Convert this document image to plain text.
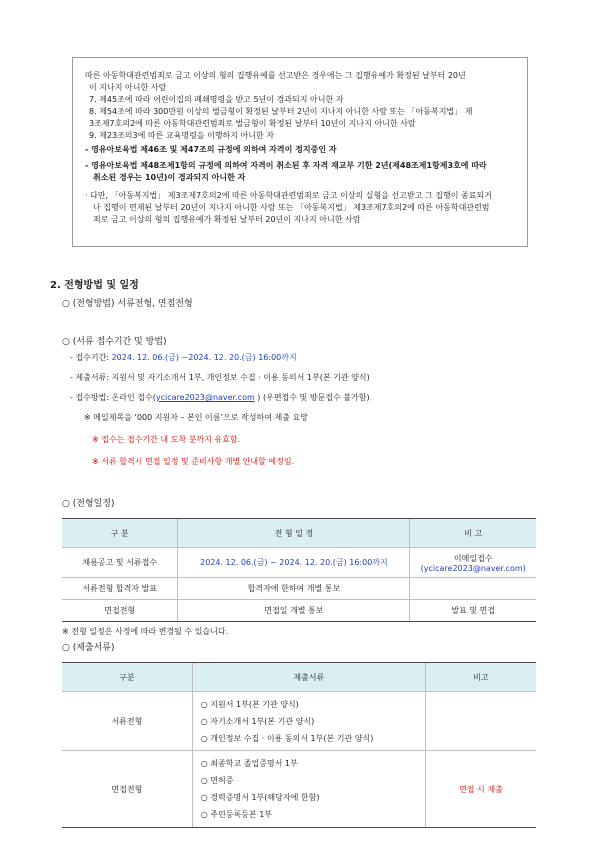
따른 아동학대관련범죄로 금고 이상의 형의 집행유예를 선고받은 경우에는 그 집행유예가 확정된 날부터 20년

이 지나지 아니한 사람

7. 제45조에 따라 어린이집의 폐쇄명령을 받고 5년이 경과되지 아니한 자

8. 제54조에 따라 300만원 이상의 벌금형이 확정된 날부터 2년이 지나지 아니한 사람 또는 「아동복지법」 제

3조제7호의2에 따른 아동학대관련범죄로 벌금형이 확정된 날부터 10년이 지나지 아니한 사람

9. 제23조의3에 따른 교육명령을 이행하지 아니한 자

- 영유아보육법 제46조 및 제47조의 규정에 의하여 자격이 정지중인 자

- 영유아보육법 제48조제1항의 규정에 의하여 자격이 취소된 후 자격 재교부 기한 2년(제48조제1항제3호에 따라

취소된 경우는 10년)이 경과되지 아니한 자

· 다만, 「아동복지법」 제3조제7호의2에 따른 아동학대관련범죄로 금고 이상의 실형을 선고받고 그 집행이 종료되거

나 집행이 면제된 날부터 20년이 지나지 아니한 사람 또는 「아동복지법」 제3조제7호의2에 따른 아동학대관련범

죄로 금고 이상의 형의 집행유예가 확정된 날부터 20년이 지나지 아니한 사람

2. 전형방법 및 일정
○ (전형방법) 서류전형, 면접전형
○ (서류 접수기간 및 방법)
- 접수기간: 2024. 12. 06.(금) ~2024. 12. 20.(금) 16:00까지
- 제출서류: 지원서 및 자기소개서 1부, 개인정보 수집 · 이용 동의서 1부(본 기관 양식)
- 접수방법: 온라인 접수(ycicare2023@naver.com ) (우편접수 및 방문접수 불가함)
※ 메일제목을 ‘000 지원자 – 본인 이름’으로 작성하여 제출 요망
※ 접수는 접수기간 내 도착 분까지 유효함.
※ 서류 합격시 면접 일정 및 준비사항 개별 안내할 예정임.
○ (전형일정)
구 분	전 형 일 정	비 고
채용공고 및 서류접수	2024. 12. 06.(금) ~ 2024. 12. 20.(금) 16:00까지	이메일접수
(ycicare2023@naver.com)

서류전형 합격자 발표	합격자에 한하여 개별 통보	
면접전형	면접일 개별 통보	발표 및 면접
※ 전형 일정은 사정에 따라 변경될 수 있습니다.
○ (제출서류)
구분	제출서류	비고
서류전형	○ 지원서 1부(본 기관 양식)
○ 자기소개서 1부(본 기관 양식)
○ 개인정보 수집 · 이용 동의서 1부(본 기관 양식)	

면접전형	○ 최종학교 졸업증명서 1부
○ 면허증
○ 경력증명서 1부(해당자에 한함)
○ 주민등록등본 1부	면접 시 제출
